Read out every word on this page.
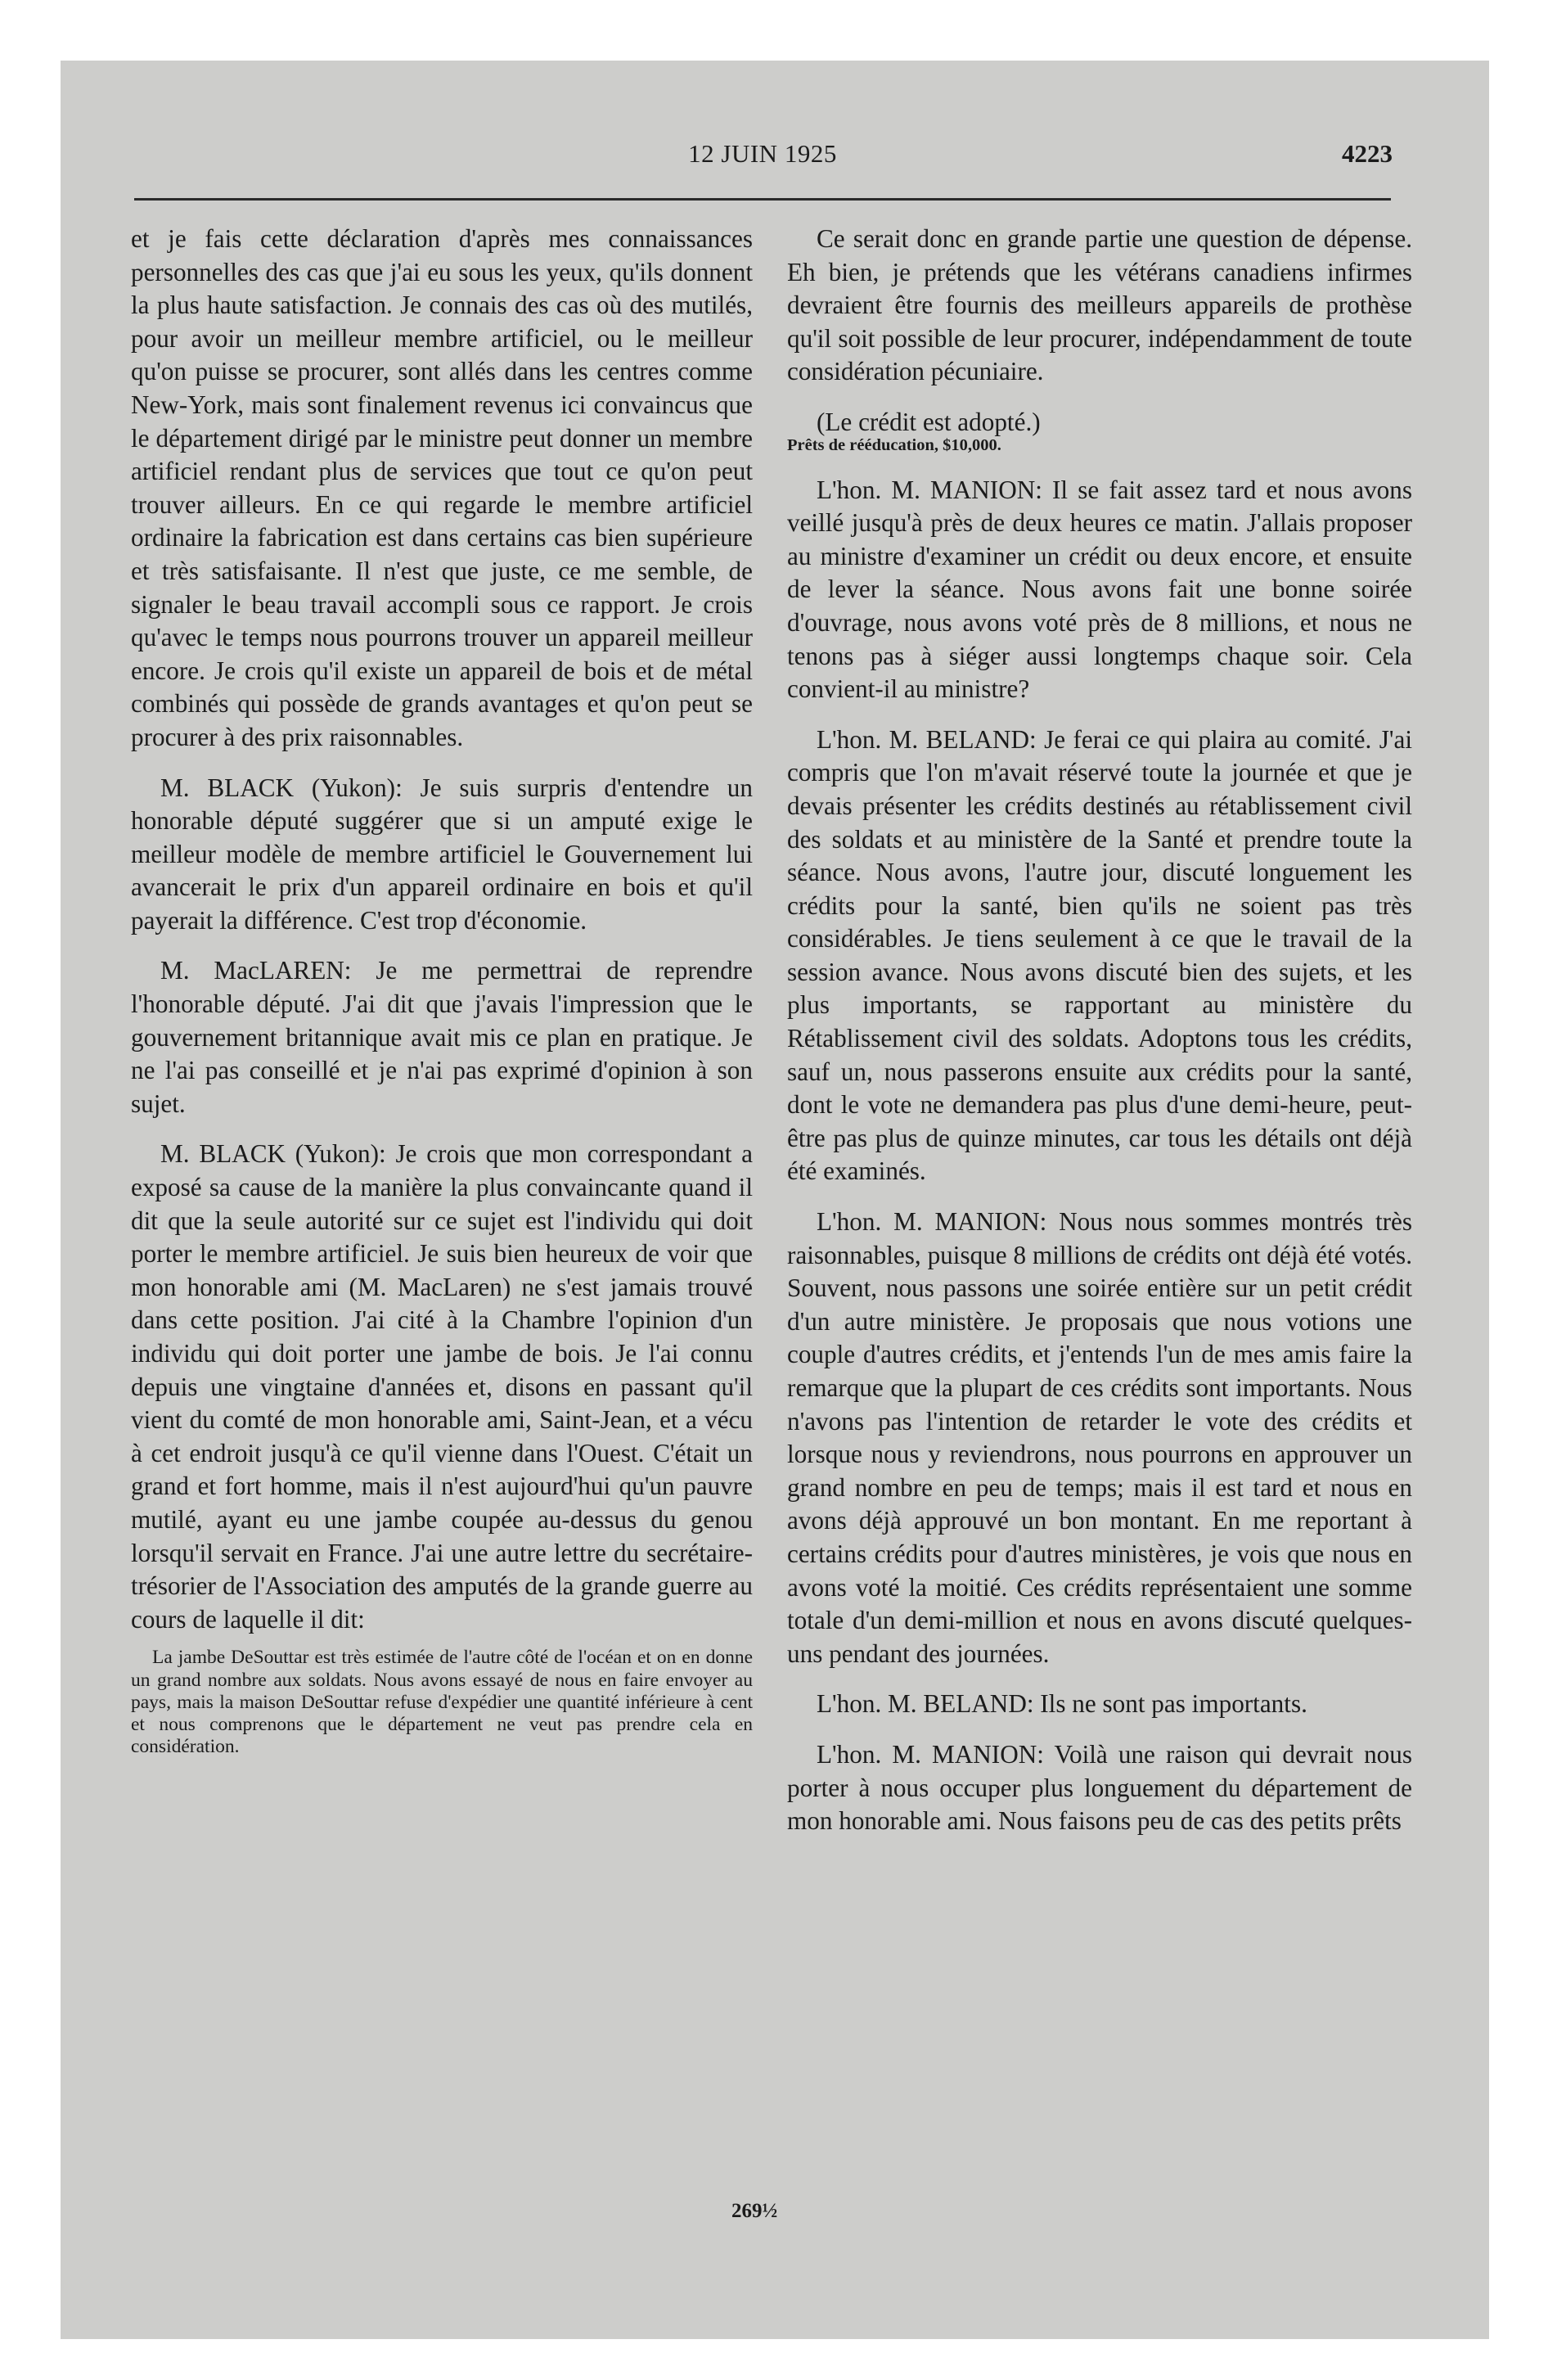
12 JUIN 1925	4223

et je fais cette déclaration d'après mes connaissances personnelles des cas que j'ai eu sous les yeux, qu'ils donnent la plus haute satisfaction. Je connais des cas où des mutilés, pour avoir un meilleur membre artificiel, ou le meilleur qu'on puisse se procurer, sont allés dans les centres comme New-York, mais sont finalement revenus ici convaincus que le département dirigé par le ministre peut donner un membre artificiel rendant plus de services que tout ce qu'on peut trouver ailleurs. En ce qui regarde le membre artificiel ordinaire la fabrication est dans certains cas bien supérieure et très satisfaisante. Il n'est que juste, ce me semble, de signaler le beau travail accompli sous ce rapport. Je crois qu'avec le temps nous pourrons trouver un appareil meilleur encore. Je crois qu'il existe un appareil de bois et de métal combinés qui possède de grands avantages et qu'on peut se procurer à des prix raisonnables.

M. BLACK (Yukon): Je suis surpris d'entendre un honorable député suggérer que si un amputé exige le meilleur modèle de membre artificiel le Gouvernement lui avancerait le prix d'un appareil ordinaire en bois et qu'il payerait la différence. C'est trop d'économie.

M. MacLAREN: Je me permettrai de reprendre l'honorable député. J'ai dit que j'avais l'impression que le gouvernement britannique avait mis ce plan en pratique. Je ne l'ai pas conseillé et je n'ai pas exprimé d'opinion à son sujet.

M. BLACK (Yukon): Je crois que mon correspondant a exposé sa cause de la manière la plus convaincante quand il dit que la seule autorité sur ce sujet est l'individu qui doit porter le membre artificiel. Je suis bien heureux de voir que mon honorable ami (M. MacLaren) ne s'est jamais trouvé dans cette position. J'ai cité à la Chambre l'opinion d'un individu qui doit porter une jambe de bois. Je l'ai connu depuis une vingtaine d'années et, disons en passant qu'il vient du comté de mon honorable ami, Saint-Jean, et a vécu à cet endroit jusqu'à ce qu'il vienne dans l'Ouest. C'était un grand et fort homme, mais il n'est aujourd'hui qu'un pauvre mutilé, ayant eu une jambe coupée au-dessus du genou lorsqu'il servait en France. J'ai une autre lettre du secrétaire-trésorier de l'Association des amputés de la grande guerre au cours de laquelle il dit:

La jambe DeSouttar est très estimée de l'autre côté de l'océan et on en donne un grand nombre aux soldats. Nous avons essayé de nous en faire envoyer au pays, mais la maison DeSouttar refuse d'expédier une quantité inférieure à cent et nous comprenons que le département ne veut pas prendre cela en considération.

269½

Ce serait donc en grande partie une question de dépense. Eh bien, je prétends que les vétérans canadiens infirmes devraient être fournis des meilleurs appareils de prothèse qu'il soit possible de leur procurer, indépendamment de toute considération pécuniaire.

(Le crédit est adopté.)

Prêts de rééducation, $10,000.

L'hon. M. MANION: Il se fait assez tard et nous avons veillé jusqu'à près de deux heures ce matin. J'allais proposer au ministre d'examiner un crédit ou deux encore, et ensuite de lever la séance. Nous avons fait une bonne soirée d'ouvrage, nous avons voté près de 8 millions, et nous ne tenons pas à siéger aussi longtemps chaque soir. Cela convient-il au ministre?

L'hon. M. BELAND: Je ferai ce qui plaira au comité. J'ai compris que l'on m'avait réservé toute la journée et que je devais présenter les crédits destinés au rétablissement civil des soldats et au ministère de la Santé et prendre toute la séance. Nous avons, l'autre jour, discuté longuement les crédits pour la santé, bien qu'ils ne soient pas très considérables. Je tiens seulement à ce que le travail de la session avance. Nous avons discuté bien des sujets, et les plus importants, se rapportant au ministère du Rétablissement civil des soldats. Adoptons tous les crédits, sauf un, nous passerons ensuite aux crédits pour la santé, dont le vote ne demandera pas plus d'une demi-heure, peut-être pas plus de quinze minutes, car tous les détails ont déjà été examinés.

L'hon. M. MANION: Nous nous sommes montrés très raisonnables, puisque 8 millions de crédits ont déjà été votés. Souvent, nous passons une soirée entière sur un petit crédit d'un autre ministère. Je proposais que nous votions une couple d'autres crédits, et j'entends l'un de mes amis faire la remarque que la plupart de ces crédits sont importants. Nous n'avons pas l'intention de retarder le vote des crédits et lorsque nous y reviendrons, nous pourrons en approuver un grand nombre en peu de temps; mais il est tard et nous en avons déjà approuvé un bon montant. En me reportant à certains crédits pour d'autres ministères, je vois que nous en avons voté la moitié. Ces crédits représentaient une somme totale d'un demi-million et nous en avons discuté quelques-uns pendant des journées.

L'hon. M. BELAND: Ils ne sont pas importants.

L'hon. M. MANION: Voilà une raison qui devrait nous porter à nous occuper plus longuement du département de mon honorable ami. Nous faisons peu de cas des petits prêts
